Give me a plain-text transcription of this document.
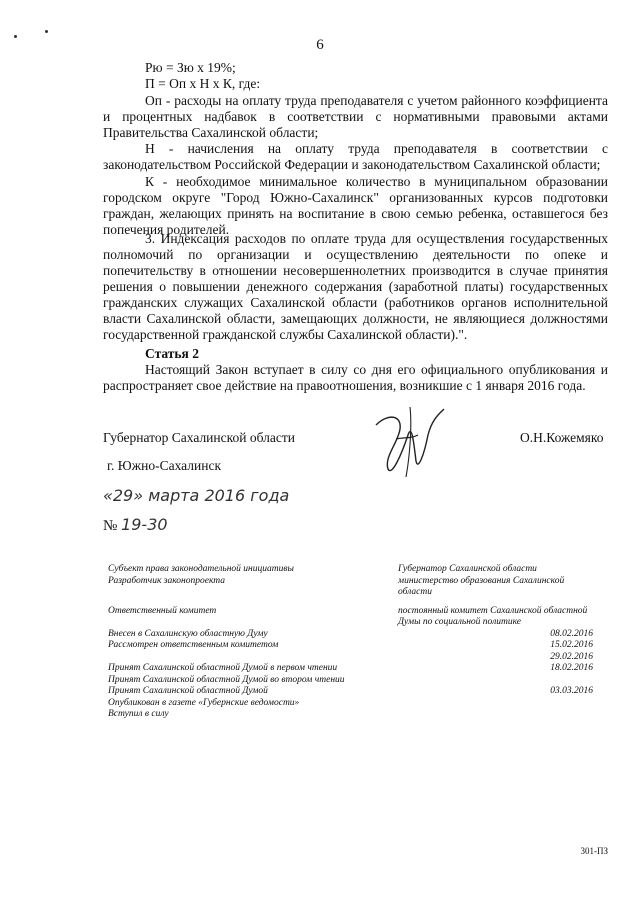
6
Рю = Зю х 19%;
П = Оп х Н х К, где:
Оп - расходы на оплату труда преподавателя с учетом районного коэффициента и процентных надбавок в соответствии с нормативными правовыми актами Правительства Сахалинской области;
Н - начисления на оплату труда преподавателя в соответствии с законодательством Российской Федерации и законодательством Сахалинской области;
К - необходимое минимальное количество в муниципальном образовании городском округе "Город Южно-Сахалинск" организованных курсов подготовки граждан, желающих принять на воспитание в свою семью ребенка, оставшегося без попечения родителей.
3. Индексация расходов по оплате труда для осуществления государственных полномочий по организации и осуществлению деятельности по опеке и попечительству в отношении несовершеннолетних производится в случае принятия решения о повышении денежного содержания (заработной платы) государственных гражданских служащих Сахалинской области (работников органов исполнительной власти Сахалинской области, замещающих должности, не являющиеся должностями государственной гражданской службы Сахалинской области).".
Статья 2
Настоящий Закон вступает в силу со дня его официального опубликования и распространяет свое действие на правоотношения, возникшие с 1 января 2016 года.
Губернатор Сахалинской области	О.Н.Кожемяко
г. Южно-Сахалинск
«29» марта 2016 года
№ 19-30
Субъект права законодательной инициативы	Губернатор Сахалинской области
Разработчик законопроекта	министерство образования Сахалинской области
Ответственный комитет	постоянный комитет Сахалинской областной Думы по социальной политике
Внесен в Сахалинскую областную Думу	08.02.2016
Рассмотрен ответственным комитетом	15.02.2016
	29.02.2016
Принят Сахалинской областной Думой в первом чтении	18.02.2016
Принят Сахалинской областной Думой во втором чтении	
Принят Сахалинской областной Думой	03.03.2016
Опубликован в газете «Губернские ведомости»	
Вступил в силу	
301-ПЗ
